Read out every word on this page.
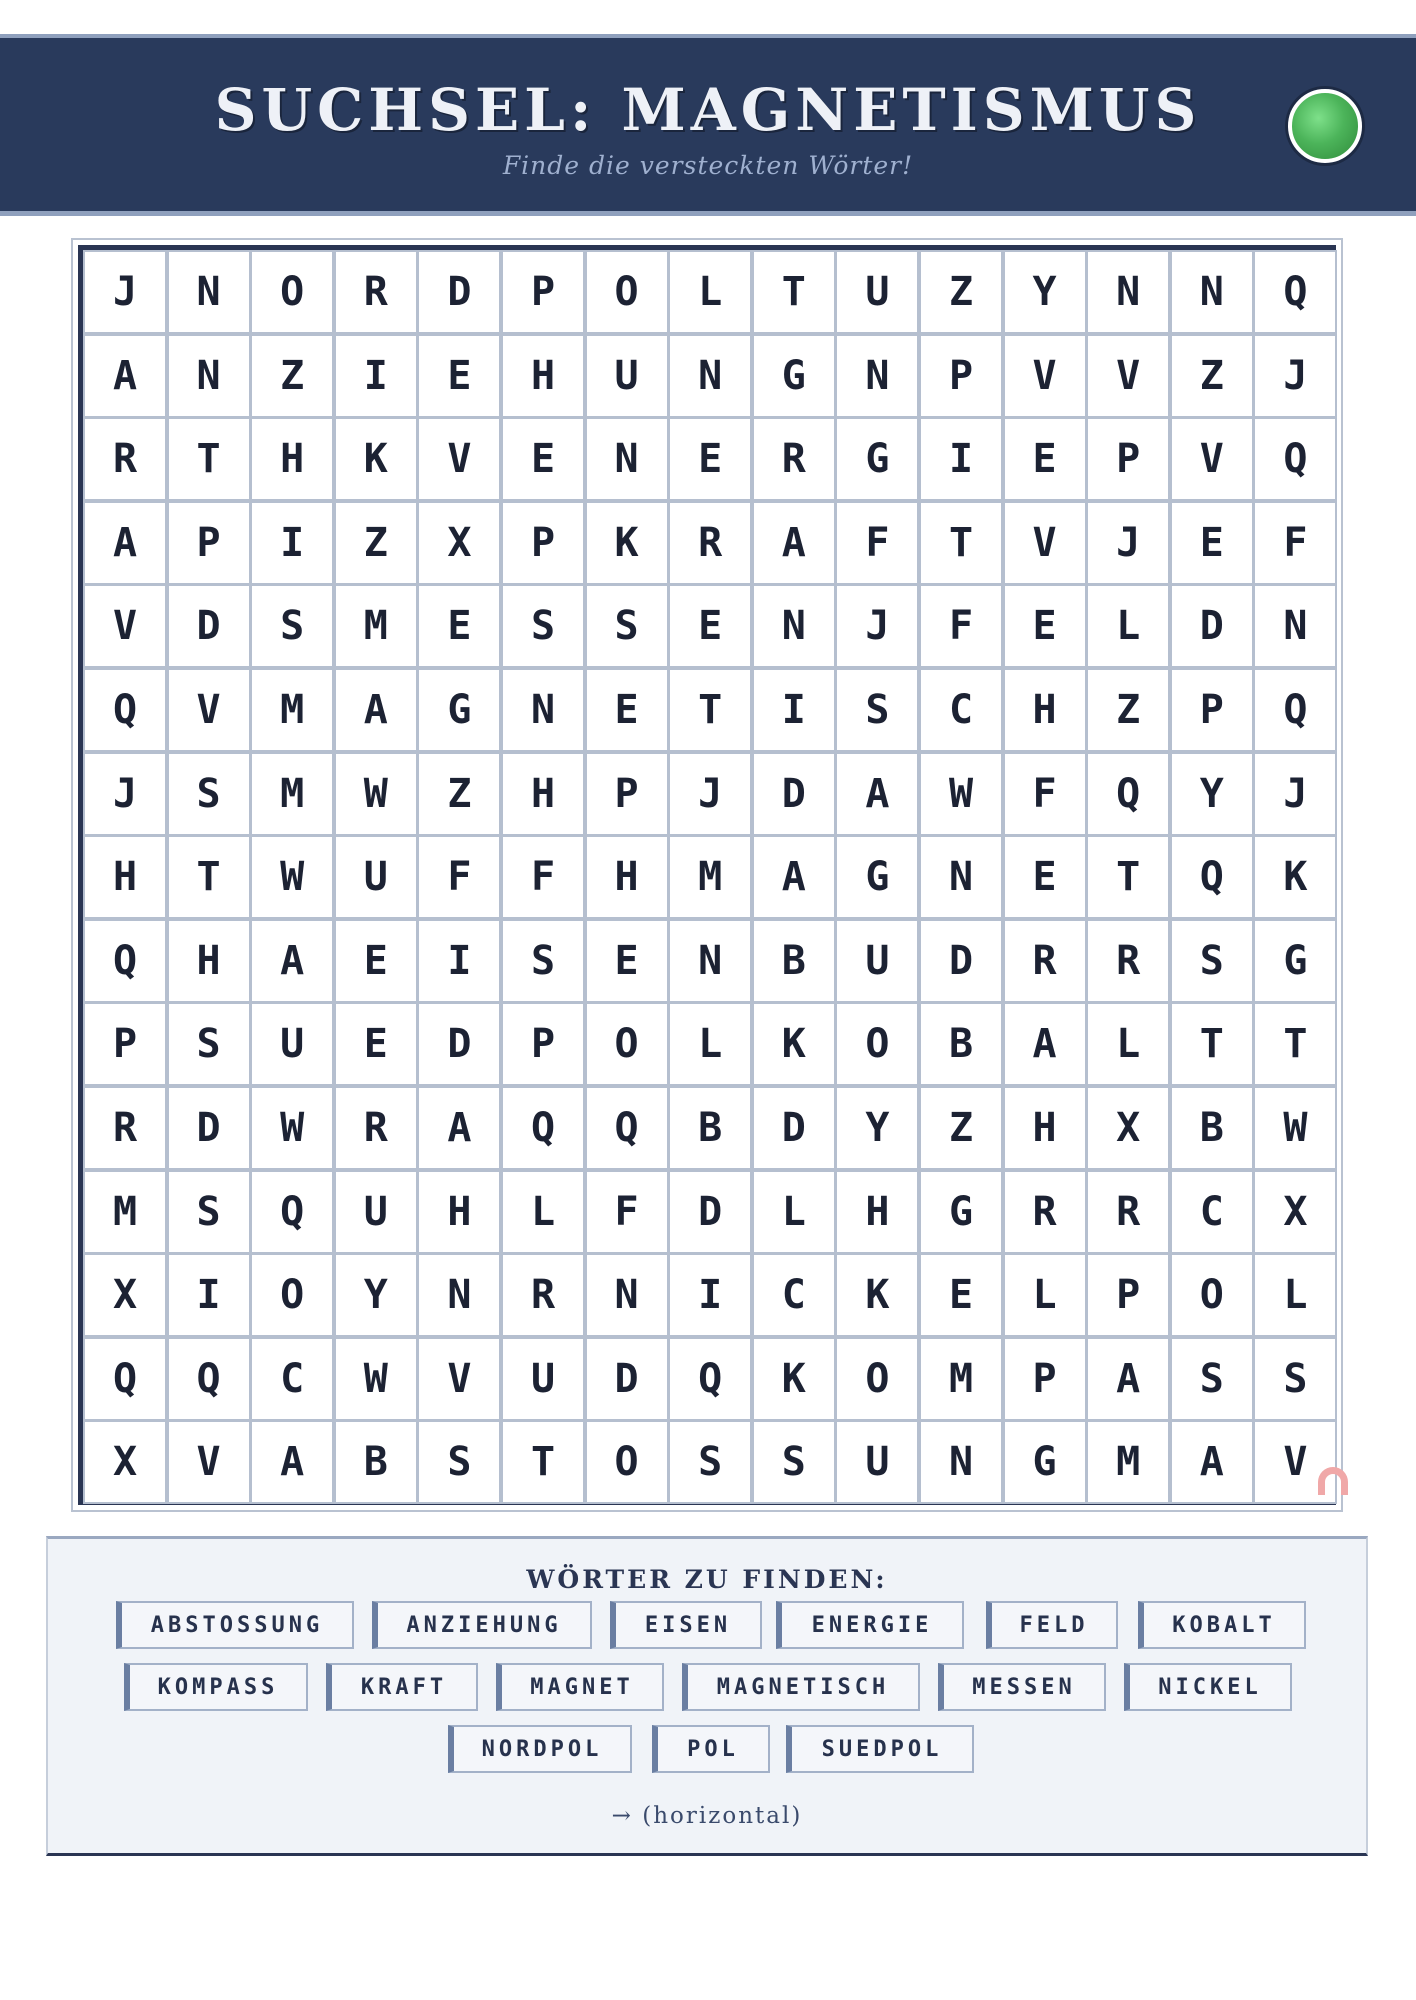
SUCHSEL: MAGNETISMUS
Finde die versteckten Wörter!
J	N	O	R	D	P	O	L	T	U	Z	Y	N	N	Q
A	N	Z	I	E	H	U	N	G	N	P	V	V	Z	J
R	T	H	K	V	E	N	E	R	G	I	E	P	V	Q
A	P	I	Z	X	P	K	R	A	F	T	V	J	E	F
V	D	S	M	E	S	S	E	N	J	F	E	L	D	N
Q	V	M	A	G	N	E	T	I	S	C	H	Z	P	Q
J	S	M	W	Z	H	P	J	D	A	W	F	Q	Y	J
H	T	W	U	F	F	H	M	A	G	N	E	T	Q	K
Q	H	A	E	I	S	E	N	B	U	D	R	R	S	G
P	S	U	E	D	P	O	L	K	O	B	A	L	T	T
R	D	W	R	A	Q	Q	B	D	Y	Z	H	X	B	W
M	S	Q	U	H	L	F	D	L	H	G	R	R	C	X
X	I	O	Y	N	R	N	I	C	K	E	L	P	O	L
Q	Q	C	W	V	U	D	Q	K	O	M	P	A	S	S
X	V	A	B	S	T	O	S	S	U	N	G	M	A	V
WÖRTER ZU FINDEN:
ABSTOSSUNG	ANZIEHUNG	EISEN	ENERGIE	FELD	KOBALT
KOMPASS	KRAFT	MAGNET	MAGNETISCH	MESSEN	NICKEL
NORDPOL	POL	SUEDPOL
→ (horizontal)
